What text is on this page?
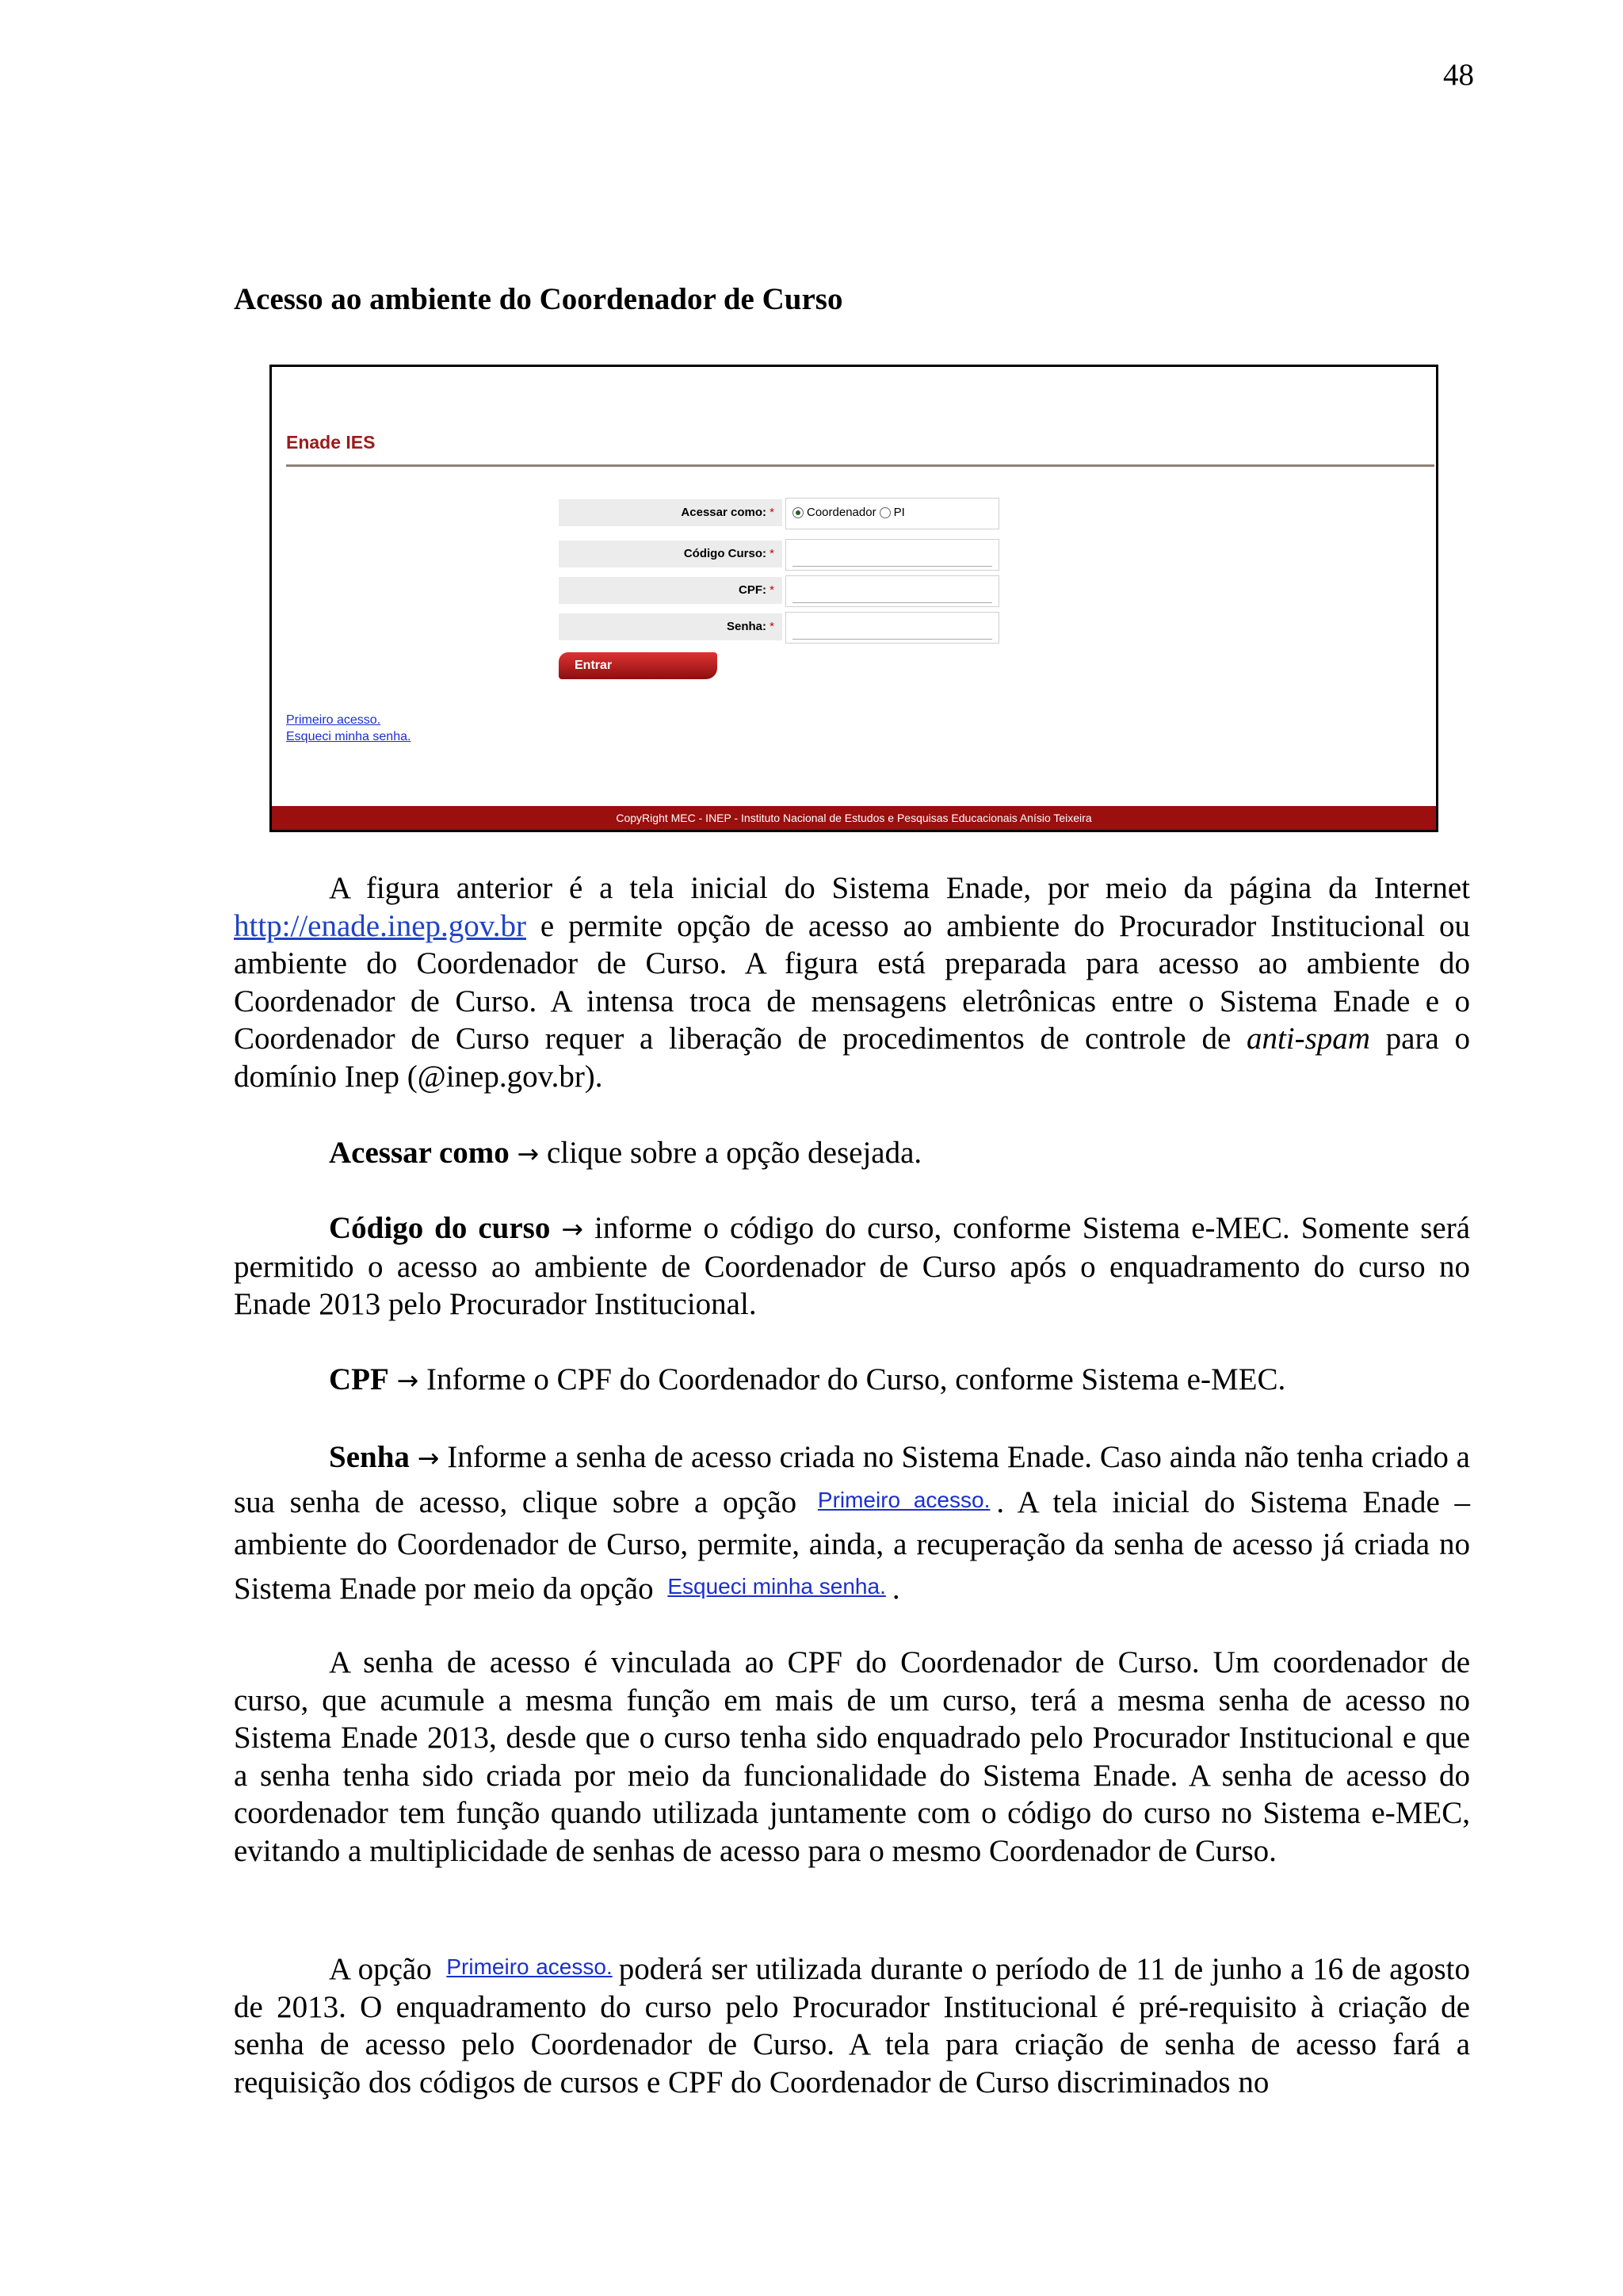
48
Acesso ao ambiente do Coordenador de Curso
Enade IES
Acessar como: *	Coordenador PI
Código Curso: *
CPF: *
Senha: *
Entrar
Primeiro acesso.
Esqueci minha senha.
CopyRight MEC - INEP - Instituto Nacional de Estudos e Pesquisas Educacionais Anísio Teixeira

A figura anterior é a tela inicial do Sistema Enade, por meio da página da Internet http://enade.inep.gov.br e permite opção de acesso ao ambiente do Procurador Institucional ou ambiente do Coordenador de Curso. A figura está preparada para acesso ao ambiente do Coordenador de Curso. A intensa troca de mensagens eletrônicas entre o Sistema Enade e o Coordenador de Curso requer a liberação de procedimentos de controle de anti-spam para o domínio Inep (@inep.gov.br).

Acessar como → clique sobre a opção desejada.

Código do curso → informe o código do curso, conforme Sistema e-MEC. Somente será permitido o acesso ao ambiente de Coordenador de Curso após o enquadramento do curso no Enade 2013 pelo Procurador Institucional.

CPF → Informe o CPF do Coordenador do Curso, conforme Sistema e-MEC.

Senha → Informe a senha de acesso criada no Sistema Enade. Caso ainda não tenha criado a sua senha de acesso, clique sobre a opção Primeiro acesso. . A tela inicial do Sistema Enade – ambiente do Coordenador de Curso, permite, ainda, a recuperação da senha de acesso já criada no Sistema Enade por meio da opção Esqueci minha senha. .

A senha de acesso é vinculada ao CPF do Coordenador de Curso. Um coordenador de curso, que acumule a mesma função em mais de um curso, terá a mesma senha de acesso no Sistema Enade 2013, desde que o curso tenha sido enquadrado pelo Procurador Institucional e que a senha tenha sido criada por meio da funcionalidade do Sistema Enade. A senha de acesso do coordenador tem função quando utilizada juntamente com o código do curso no Sistema e-MEC, evitando a multiplicidade de senhas de acesso para o mesmo Coordenador de Curso.

A opção Primeiro acesso. poderá ser utilizada durante o período de 11 de junho a 16 de agosto de 2013. O enquadramento do curso pelo Procurador Institucional é pré-requisito à criação de senha de acesso pelo Coordenador de Curso. A tela para criação de senha de acesso fará a requisição dos códigos de cursos e CPF do Coordenador de Curso discriminados no
